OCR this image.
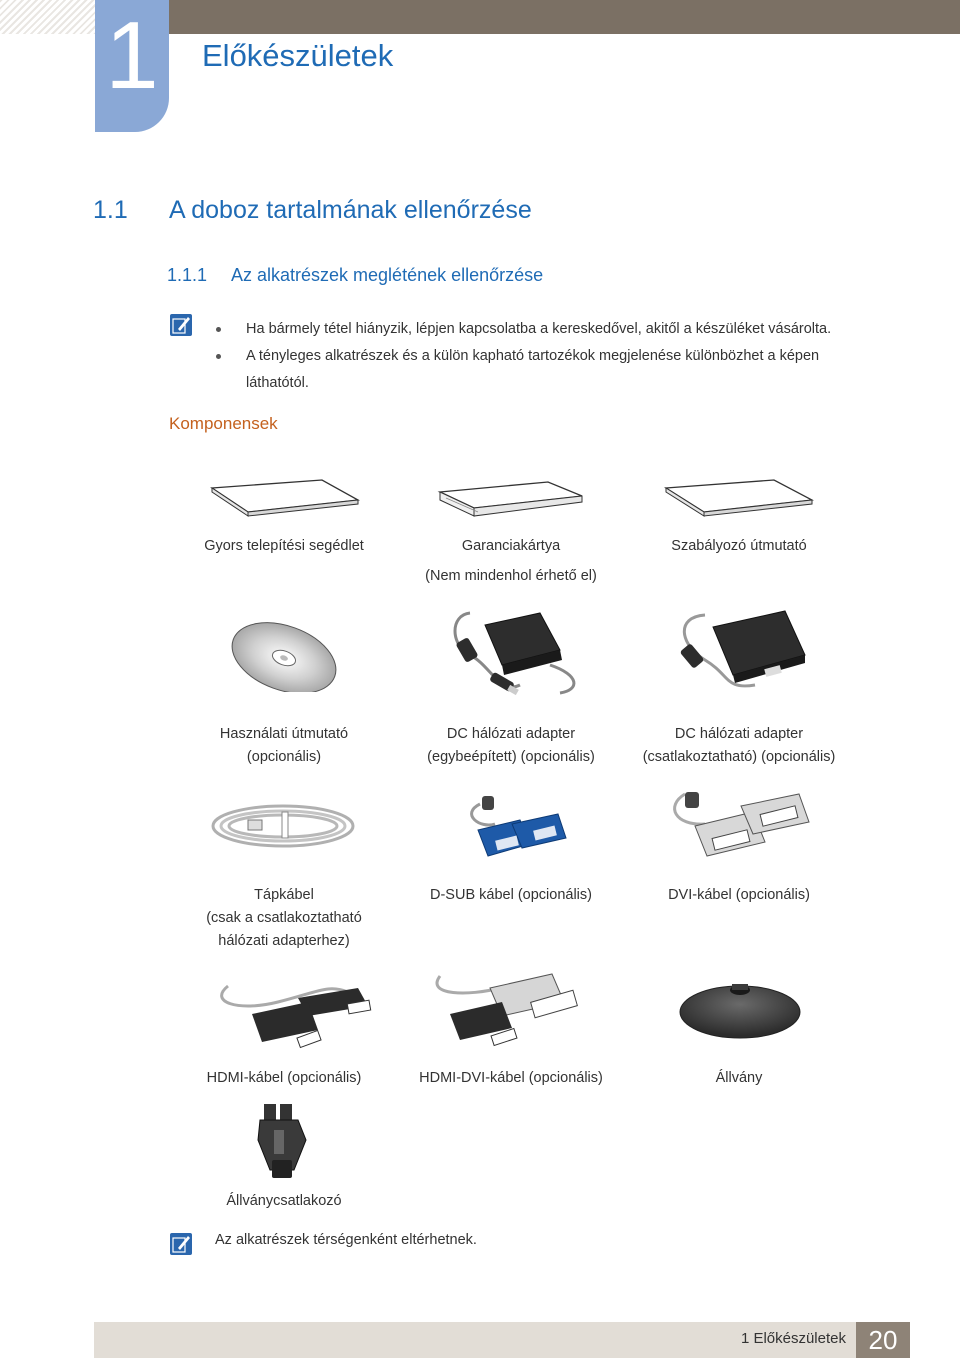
1	Előkészületek
1.1 A doboz tartalmának ellenőrzése
1.1.1 Az alkatrészek meglétének ellenőrzése
Ha bármely tétel hiányzik, lépjen kapcsolatba a kereskedővel, akitől a készüléket vásárolta.
A tényleges alkatrészek és a külön kapható tartozékok megjelenése különbözhet a képen
láthatótól.
Komponensek
Gyors telepítési segédlet	Garanciakártya
(Nem mindenhol érhető el)
Szabályozó útmutató
Használati útmutató
(opcionális)
DC hálózati adapter
(egybeépített) (opcionális)
DC hálózati adapter
(csatlakoztatható) (opcionális)
Tápkábel
(csak a csatlakoztatható
hálózati adapterhez)
D-SUB kábel (opcionális)	DVI-kábel (opcionális)
HDMI-kábel (opcionális)	HDMI-DVI-kábel (opcionális)	Állvány
Állványcsatlakozó
Az alkatrészek térségenként eltérhetnek.
1 Előkészületek 20
